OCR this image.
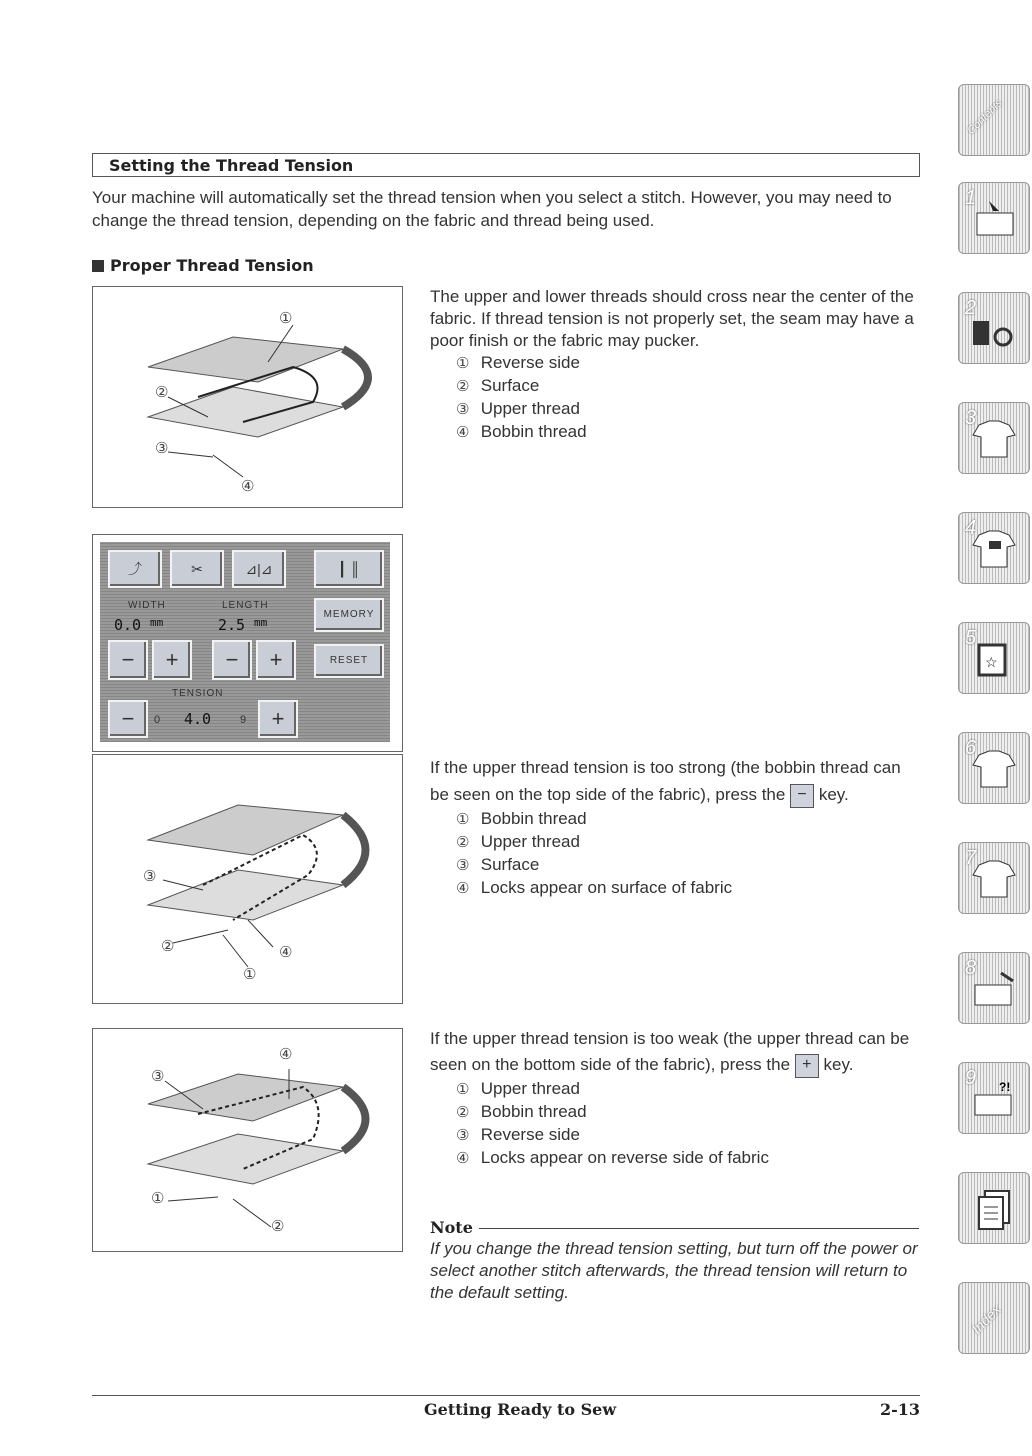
Setting the Thread Tension
Your machine will automatically set the thread tension when you select a stitch. However, you may need to change the thread tension, depending on the fabric and thread being used.
Proper Thread Tension
①
②
③
④
The upper and lower threads should cross near the center of the fabric. If thread tension is not properly set, the seam may have a poor finish or the fabric may pucker.
① Reverse side
② Surface
③ Upper thread
④ Bobbin thread
⤴	✂	⊿|⊿	┃ ║
WIDTH	LENGTH
0.0 mm	2.5 mm
−	+	−	+
MEMORY
RESET
TENSION
−	0 4.0	9	+
③
②	④
①
If the upper thread tension is too strong (the bobbin thread can be seen on the top side of the fabric), press the − key.
① Bobbin thread
② Upper thread
③ Surface
④ Locks appear on surface of fabric
④
③
①
②
If the upper thread tension is too weak (the upper thread can be seen on the bottom side of the fabric), press the + key.
① Upper thread
② Bobbin thread
③ Reverse side
④ Locks appear on reverse side of fabric
Note
If you change the thread tension setting, but turn off the power or select another stitch afterwards, the thread tension will return to the default setting.
Getting Ready to Sew	2-13
Contents
1
2
3
4
5
☆
6
7
8
9 ?!
Index
